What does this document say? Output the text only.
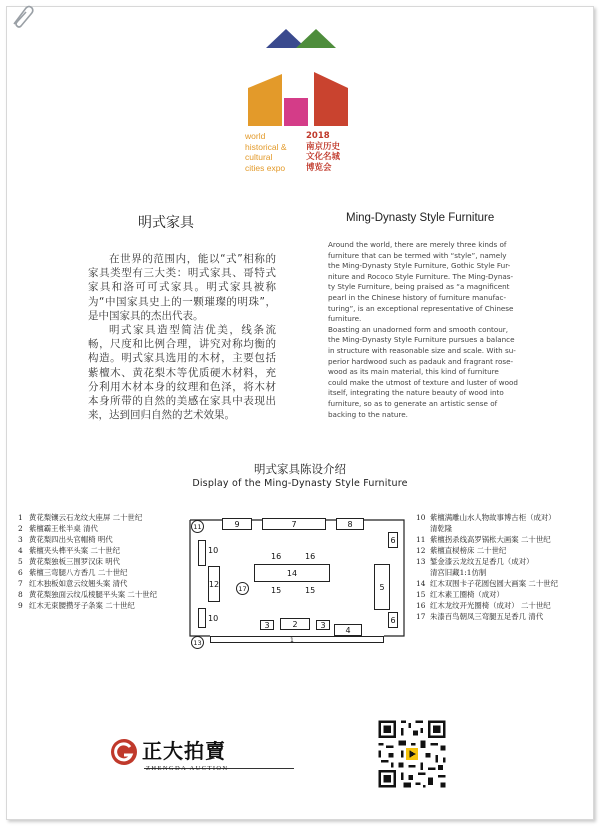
world
historical &
cultural
cities expo
2018
南京历史
文化名城
博览会
明式家具	Ming-Dynasty Style Furniture

在世界的范围内，能以“式”相称的家具类型有三大类：明式家具、哥特式家具和洛可可式家具。明式家具被称为“中国家具史上的一颗璀璨的明珠”，是中国家具的杰出代表。

明式家具造型简洁优美，线条流畅，尺度和比例合理，讲究对称均衡的构造。明式家具选用的木材，主要包括紫檀木、黄花梨木等优质硬木材料，充分利用木材本身的纹理和色泽，将木材本身所带的自然的美感在家具中表现出来，达到回归自然的艺术效果。

Around the world, there are merely three kinds of

furniture that can be termed with “style”, namely

the Ming-Dynasty Style Furniture, Gothic Style Fur-

niture and Rococo Style Furniture. The Ming-Dynas-

ty Style Furniture, being praised as “a magnificent

pearl in the Chinese history of furniture manufac-

turing”, is an exceptional representative of Chinese

furniture.

Boasting an unadorned form and smooth contour,

the Ming-Dynasty Style Furniture pursues a balance

in structure with reasonable size and scale. With su-

perior hardwood such as padauk and fragrant rose-

wood as its main material, this kind of furniture

could make the utmost of texture and luster of wood

itself, integrating the nature beauty of wood into

furniture, so as to generate an artistic sense of

backing to the nature.

明式家具陈设介绍
Display of the Ming-Dynasty Style Furniture
1 黄花梨镶云石龙纹大座屏 二十世纪
2 紫檀霸王枨半桌 清代
3 黄花梨四出头官帽椅 明代
4 紫檀夹头榫平头案 二十世纪
5 黄花梨独板三围罗汉床 明代
6 紫檀三弯腿八方香几 二十世纪
7 红木独板如意云纹翘头案 清代
8 黄花梨独面云纹瓜棱腿平头案 二十世纪
9 红木无束腰攒牙子条案 二十世纪
10 紫檀满雕山水人物故事博古柜（成对）
清乾隆
11 紫檀拐杀线高罗锅枨大画案 二十世纪
12 紫檀直棂榜床 二十世纪
13 錾金漆云龙纹五足香几（成对）
清宫旧藏1:1仿制
14 红木双围卡子花圆包圆大画案 二十世纪
15 红木素工圈椅（成对）
16 红木龙纹开光圈椅（成对） 二十世纪
17 朱漆百鸟朝凤三弯腿五足香几 清代
11	9	7	8
10
12
10
13
16	16
14
15	15
17
6
5
6
3	2	3
4
1
正大拍賣
ZHENGDA AUCTION
